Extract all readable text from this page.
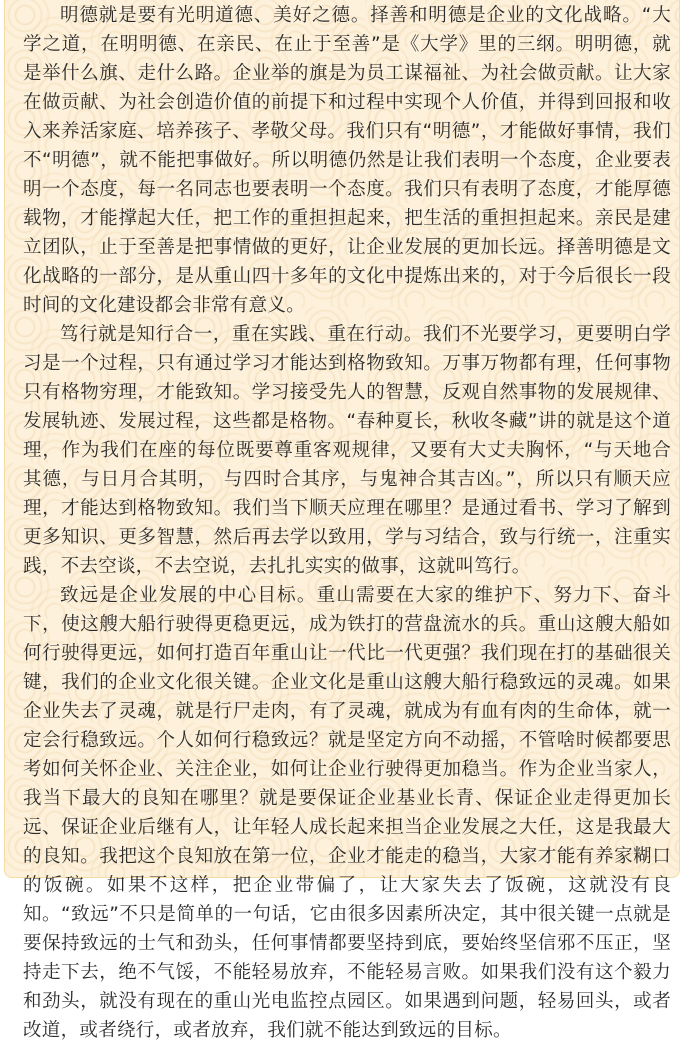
明德就是要有光明道德、美好之德。择善和明德是企业的文化战略。“大学之道，在明明德、在亲民、在止于至善”是《大学》里的三纲。明明德，就是举什么旗、走什么路。企业举的旗是为员工谋福祉、为社会做贡献。让大家在做贡献、为社会创造价值的前提下和过程中实现个人价值，并得到回报和收入来养活家庭、培养孩子、孝敬父母。我们只有“明德”，才能做好事情，我们不“明德”，就不能把事做好。所以明德仍然是让我们表明一个态度，企业要表明一个态度，每一名同志也要表明一个态度。我们只有表明了态度，才能厚德载物，才能撑起大任，把工作的重担担起来，把生活的重担担起来。亲民是建立团队，止于至善是把事情做的更好，让企业发展的更加长远。择善明德是文化战略的一部分，是从重山四十多年的文化中提炼出来的，对于今后很长一段时间的文化建设都会非常有意义。

笃行就是知行合一，重在实践、重在行动。我们不光要学习，更要明白学习是一个过程，只有通过学习才能达到格物致知。万事万物都有理，任何事物只有格物穷理，才能致知。学习接受先人的智慧，反观自然事物的发展规律、发展轨迹、发展过程，这些都是格物。“春种夏长，秋收冬藏”讲的就是这个道理，作为我们在座的每位既要尊重客观规律，又要有大丈夫胸怀，“与天地合其德，与日月合其明， 与四时合其序，与鬼神合其吉凶。”，所以只有顺天应理，才能达到格物致知。我们当下顺天应理在哪里？是通过看书、学习了解到更多知识、更多智慧，然后再去学以致用，学与习结合，致与行统一，注重实践，不去空谈，不去空说，去扎扎实实的做事，这就叫笃行。

致远是企业发展的中心目标。重山需要在大家的维护下、努力下、奋斗下，使这艘大船行驶得更稳更远，成为铁打的营盘流水的兵。重山这艘大船如何行驶得更远，如何打造百年重山让一代比一代更强？我们现在打的基础很关键，我们的企业文化很关键。企业文化是重山这艘大船行稳致远的灵魂。如果企业失去了灵魂，就是行尸走肉，有了灵魂，就成为有血有肉的生命体，就一定会行稳致远。个人如何行稳致远？就是坚定方向不动摇，不管啥时候都要思考如何关怀企业、关注企业，如何让企业行驶得更加稳当。作为企业当家人，我当下最大的良知在哪里？就是要保证企业基业长青、保证企业走得更加长远、保证企业后继有人，让年轻人成长起来担当企业发展之大任，这是我最大的良知。我把这个良知放在第一位，企业才能走的稳当，大家才能有养家糊口的饭碗。如果不这样，把企业带偏了，让大家失去了饭碗，这就没有良知。“致远”不只是简单的一句话，它由很多因素所决定，其中很关键一点就是要保持致远的士气和劲头，任何事情都要坚持到底，要始终坚信邪不压正，坚持走下去，绝不气馁，不能轻易放弃，不能轻易言败。如果我们没有这个毅力和劲头，就没有现在的重山光电监控点园区。如果遇到问题，轻易回头，或者改道，或者绕行，或者放弃，我们就不能达到致远的目标。
